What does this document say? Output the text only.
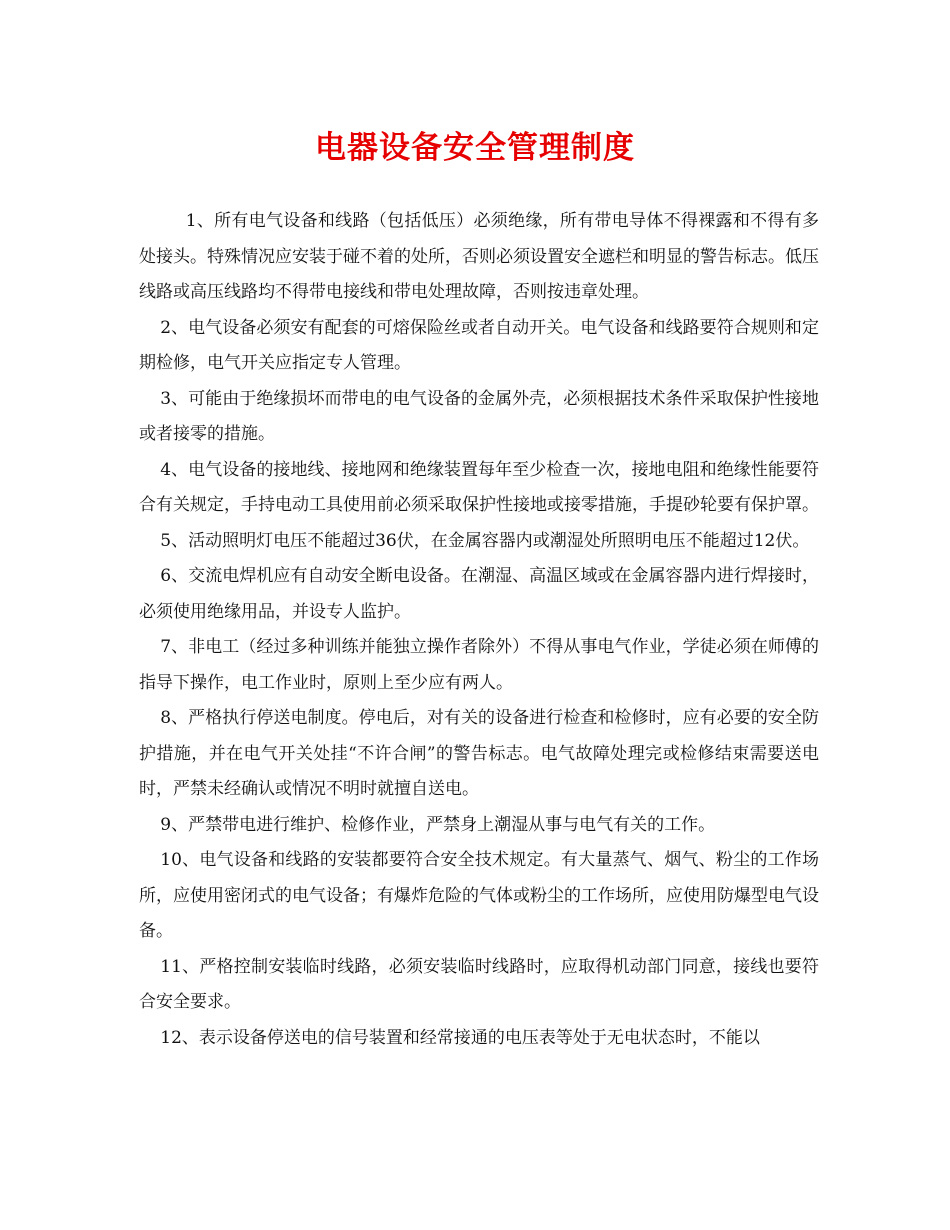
电器设备安全管理制度

1、所有电气设备和线路（包括低压）必须绝缘，所有带电导体不得裸露和不得有多处接头。特殊情况应安装于碰不着的处所，否则必须设置安全遮栏和明显的警告标志。低压线路或高压线路均不得带电接线和带电处理故障，否则按违章处理。

2、电气设备必须安有配套的可熔保险丝或者自动开关。电气设备和线路要符合规则和定期检修，电气开关应指定专人管理。

3、可能由于绝缘损坏而带电的电气设备的金属外壳，必须根据技术条件采取保护性接地或者接零的措施。

4、电气设备的接地线、接地网和绝缘装置每年至少检查一次，接地电阻和绝缘性能要符合有关规定，手持电动工具使用前必须采取保护性接地或接零措施，手提砂轮要有保护罩。

5、活动照明灯电压不能超过36伏，在金属容器内或潮湿处所照明电压不能超过12伏。

6、交流电焊机应有自动安全断电设备。在潮湿、高温区域或在金属容器内进行焊接时，必须使用绝缘用品，并设专人监护。

7、非电工（经过多种训练并能独立操作者除外）不得从事电气作业，学徒必须在师傅的指导下操作，电工作业时，原则上至少应有两人。

8、严格执行停送电制度。停电后，对有关的设备进行检查和检修时，应有必要的安全防护措施，并在电气开关处挂“不许合闸”的警告标志。电气故障处理完或检修结束需要送电时，严禁未经确认或情况不明时就擅自送电。

9、严禁带电进行维护、检修作业，严禁身上潮湿从事与电气有关的工作。

10、电气设备和线路的安装都要符合安全技术规定。有大量蒸气、烟气、粉尘的工作场所，应使用密闭式的电气设备；有爆炸危险的气体或粉尘的工作场所，应使用防爆型电气设备。

11、严格控制安装临时线路，必须安装临时线路时，应取得机动部门同意，接线也要符合安全要求。

12、表示设备停送电的信号装置和经常接通的电压表等处于无电状态时，不能以
